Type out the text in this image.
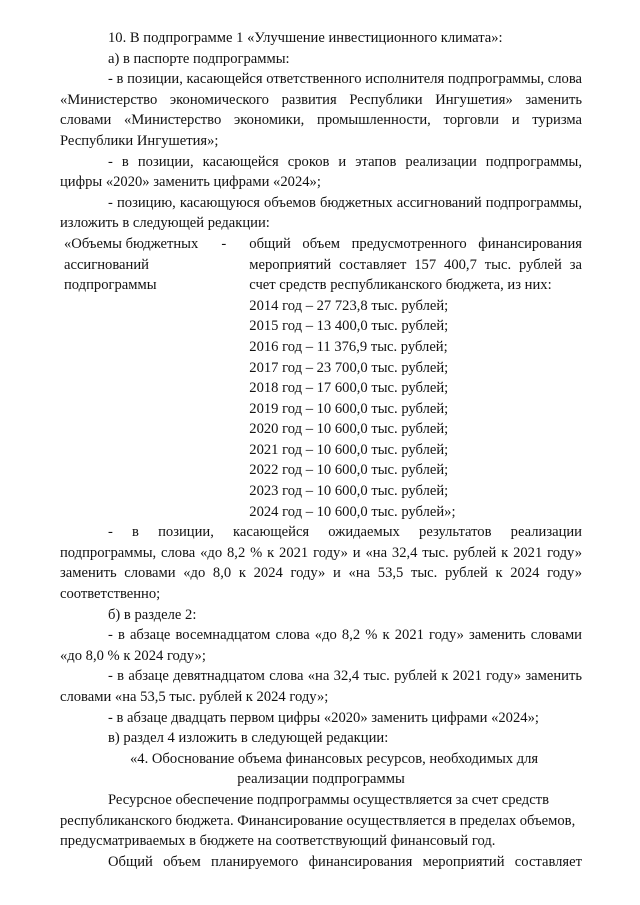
10. В подпрограмме 1 «Улучшение инвестиционного климата»:

а) в паспорте подпрограммы:

- в позиции, касающейся ответственного исполнителя подпрограммы, слова «Министерство экономического развития Республики Ингушетия» заменить словами «Министерство экономики, промышленности, торговли и туризма Республики Ингушетия»;

- в позиции, касающейся сроков и этапов реализации подпрограммы, цифры «2020» заменить цифрами «2024»;

- позицию, касающуюся объемов бюджетных ассигнований подпрограммы, изложить в следующей редакции:

«Объемы бюджетных ассигнований подпрограммы
-	общий объем предусмотренного финансирования мероприятий составляет 157 400,7 тыс. рублей за счет средств республиканского бюджета, из них:

2014 год – 27 723,8 тыс. рублей;

2015 год – 13 400,0 тыс. рублей;

2016 год – 11 376,9 тыс. рублей;

2017 год – 23 700,0 тыс. рублей;

2018 год – 17 600,0 тыс. рублей;

2019 год – 10 600,0 тыс. рублей;

2020 год – 10 600,0 тыс. рублей;

2021 год – 10 600,0 тыс. рублей;

2022 год – 10 600,0 тыс. рублей;

2023 год – 10 600,0 тыс. рублей;

2024 год – 10 600,0 тыс. рублей»;

- в позиции, касающейся ожидаемых результатов реализации подпрограммы, слова «до 8,2 % к 2021 году» и «на 32,4 тыс. рублей к 2021 году» заменить словами «до 8,0 к 2024 году» и «на 53,5 тыс. рублей к 2024 году» соответственно;

б) в разделе 2:

- в абзаце восемнадцатом слова «до 8,2 % к 2021 году» заменить словами «до 8,0 % к 2024 году»;

- в абзаце девятнадцатом слова «на 32,4 тыс. рублей к 2021 году» заменить словами «на 53,5 тыс. рублей к 2024 году»;

- в абзаце двадцать первом цифры «2020» заменить цифрами «2024»;

в) раздел 4 изложить в следующей редакции:

«4. Обоснование объема финансовых ресурсов, необходимых для

реализации подпрограммы

Ресурсное обеспечение подпрограммы осуществляется за счет средств республиканского бюджета. Финансирование осуществляется в пределах объемов, предусматриваемых в бюджете на соответствующий финансовый год.

Общий объем планируемого финансирования мероприятий составляет
